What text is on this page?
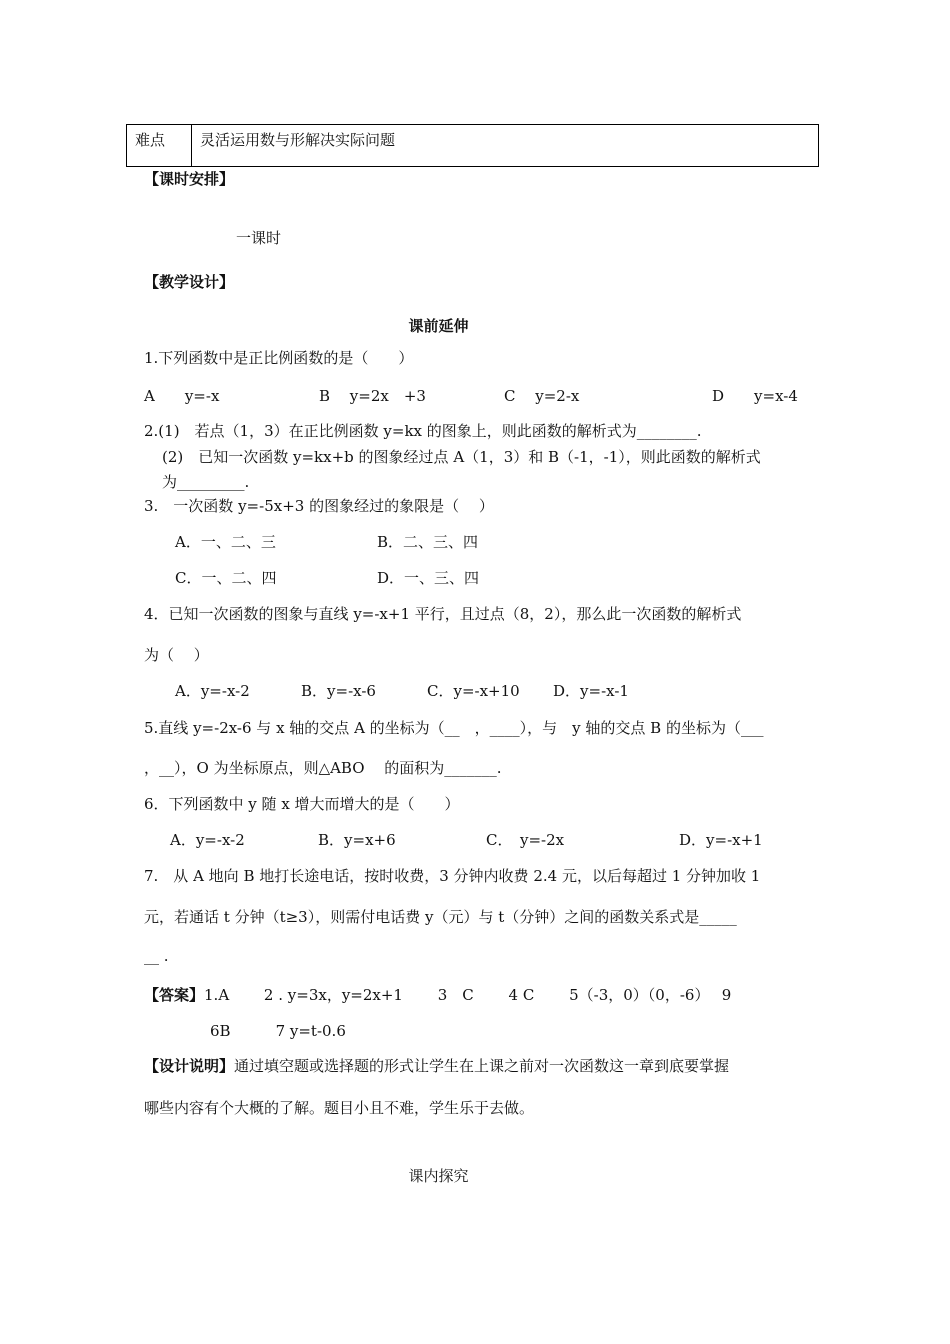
难点	灵活运用数与形解决实际问题
【课时安排】
一课时
【教学设计】
课前延伸
1.下列函数中是正比例函数的是（　　）
A　　y=-x	B　 y=2x　+3	C　 y=2-x	D　　y=x-4
2.(1)　若点（1，3）在正比例函数 y=kx 的图象上，则此函数的解析式为________.
(2)　已知一次函数 y=kx+b 的图象经过点 A（1，3）和 B（-1，-1），则此函数的解析式
为_________.
3.　一次函数 y=-5x+3 的图象经过的象限是（　 ）
A．一、二、三	B．二、三、四
C．一、二、四	D．一、三、四
4．已知一次函数的图象与直线 y=-x+1 平行，且过点（8，2），那么此一次函数的解析式
为（　 ）
A．y=-x-2	B．y=-x-6	C．y=-x+10 D．y=-x-1
5.直线 y=-2x-6 与 x 轴的交点 A 的坐标为（__　，____），与　y 轴的交点 B 的坐标为（___
，__），O 为坐标原点，则△ABO　 的面积为_______.
6．下列函数中 y 随 x 增大而增大的是（　　）
A．y=-x-2	B．y=x+6	C．　y=-2x	D．y=-x+1
7.　从 A 地向 B 地打长途电话，按时收费，3 分钟内收费 2.4 元，以后每超过 1 分钟加收 1
元，若通话 t 分钟（t≥3），则需付电话费 y（元）与 t（分钟）之间的函数关系式是_____
__ .
【答案】1.A　　 2 . y=3x，y=2x+1　　 3　C　　 4 C　　 5（-3，0）（0，-6）　 9
6B　　　7 y=t-0.6
【设计说明】通过填空题或选择题的形式让学生在上课之前对一次函数这一章到底要掌握
哪些内容有个大概的了解。题目小且不难，学生乐于去做。
课内探究
